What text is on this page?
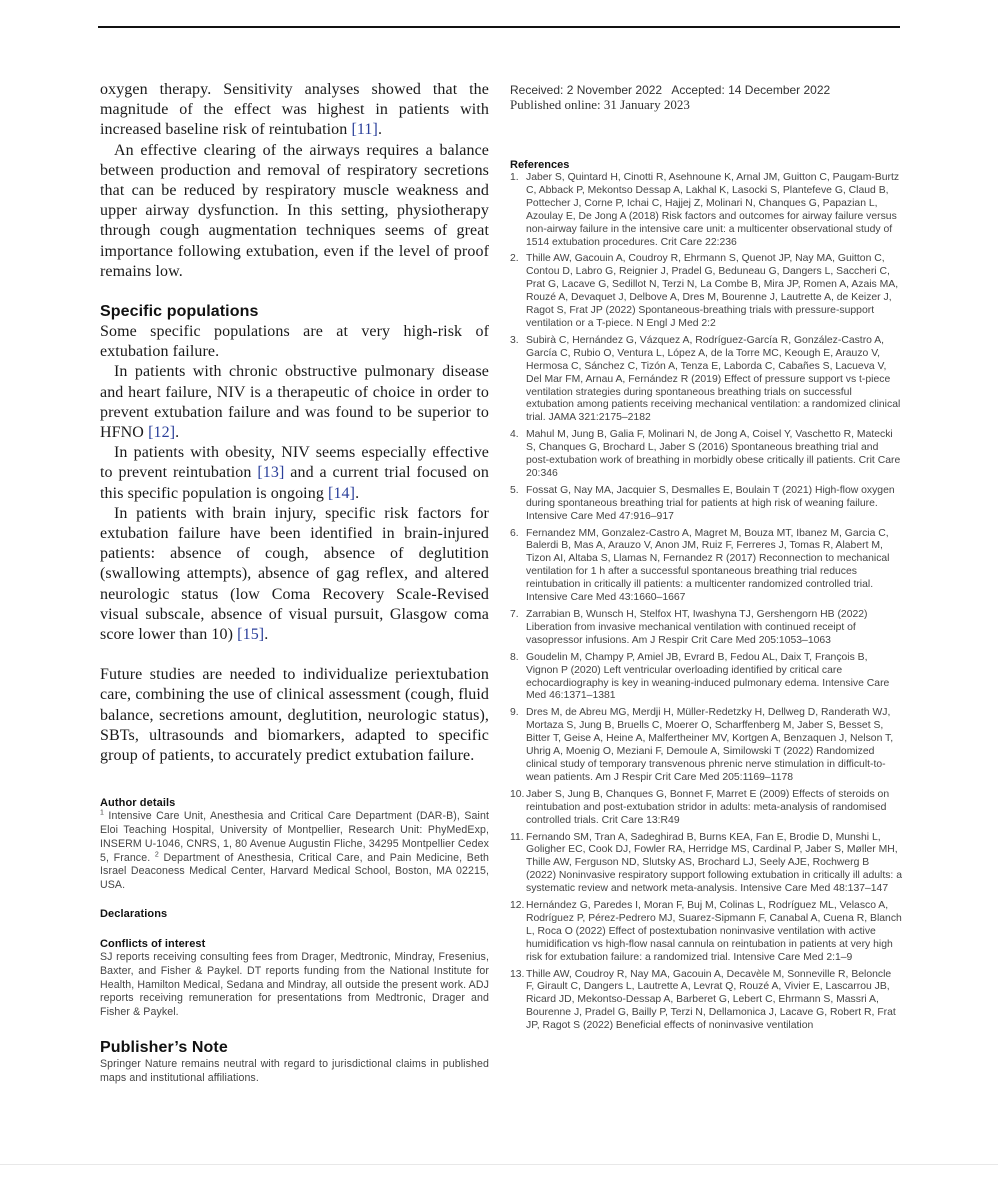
oxygen therapy. Sensitivity analyses showed that the magnitude of the effect was highest in patients with increased baseline risk of reintubation [11].

An effective clearing of the airways requires a balance between production and removal of respiratory secretions that can be reduced by respiratory muscle weakness and upper airway dysfunction. In this setting, physiotherapy through cough augmentation techniques seems of great importance following extubation, even if the level of proof remains low.

Specific populations

Some specific populations are at very high-risk of extubation failure.

In patients with chronic obstructive pulmonary disease and heart failure, NIV is a therapeutic of choice in order to prevent extubation failure and was found to be superior to HFNO [12].

In patients with obesity, NIV seems especially effective to prevent reintubation [13] and a current trial focused on this specific population is ongoing [14].

In patients with brain injury, specific risk factors for extubation failure have been identified in brain-injured patients: absence of cough, absence of deglutition (swallowing attempts), absence of gag reflex, and altered neurologic status (low Coma Recovery Scale-Revised visual subscale, absence of visual pursuit, Glasgow coma score lower than 10) [15].

Future studies are needed to individualize periextubation care, combining the use of clinical assessment (cough, fluid balance, secretions amount, deglutition, neurologic status), SBTs, ultrasounds and biomarkers, adapted to specific group of patients, to accurately predict extubation failure.

Author details

$^1$ Intensive Care Unit, Anesthesia and Critical Care Department (DAR-B), Saint Eloi Teaching Hospital, University of Montpellier, Research Unit: PhyMedExp, INSERM U-1046, CNRS, 1, 80 Avenue Augustin Fliche, 34295 Montpellier Cedex 5, France. $^2$ Department of Anesthesia, Critical Care, and Pain Medicine, Beth Israel Deaconess Medical Center, Harvard Medical School, Boston, MA 02215, USA.

Declarations
Conflicts of interest

SJ reports receiving consulting fees from Drager, Medtronic, Mindray, Fresenius, Baxter, and Fisher & Paykel. DT reports funding from the National Institute for Health, Hamilton Medical, Sedana and Mindray, all outside the present work. ADJ reports receiving remuneration for presentations from Medtronic, Drager and Fisher & Paykel.

Publisher’s Note

Springer Nature remains neutral with regard to jurisdictional claims in published maps and institutional affiliations.

Received: 2 November 2022   Accepted: 14 December 2022

Published online: 31 January 2023

References
1. Jaber S, Quintard H, Cinotti R, Asehnoune K, Arnal JM, Guitton C, Paugam-Burtz C, Abback P, Mekontso Dessap A, Lakhal K, Lasocki S, Plantefeve G, Claud B, Pottecher J, Corne P, Ichai C, Hajjej Z, Molinari N, Chanques G, Papazian L, Azoulay E, De Jong A (2018) Risk factors and outcomes for airway failure versus non-airway failure in the intensive care unit: a multicenter observational study of 1514 extubation procedures. Crit Care 22:236
2. Thille AW, Gacouin A, Coudroy R, Ehrmann S, Quenot JP, Nay MA, Guitton C, Contou D, Labro G, Reignier J, Pradel G, Beduneau G, Dangers L, Saccheri C, Prat G, Lacave G, Sedillot N, Terzi N, La Combe B, Mira JP, Romen A, Azais MA, Rouzé A, Devaquet J, Delbove A, Dres M, Bourenne J, Lautrette A, de Keizer J, Ragot S, Frat JP (2022) Spontaneous-breathing trials with pressure-support ventilation or a T-piece. N Engl J Med 2:2
3. Subirà C, Hernández G, Vázquez A, Rodríguez-García R, González-Castro A, García C, Rubio O, Ventura L, López A, de la Torre MC, Keough E, Arauzo V, Hermosa C, Sánchez C, Tizón A, Tenza E, Laborda C, Cabañes S, Lacueva V, Del Mar FM, Arnau A, Fernández R (2019) Effect of pressure support vs t-piece ventilation strategies during spontaneous breathing trials on successful extubation among patients receiving mechanical ventilation: a randomized clinical trial. JAMA 321:2175–2182
4. Mahul M, Jung B, Galia F, Molinari N, de Jong A, Coisel Y, Vaschetto R, Matecki S, Chanques G, Brochard L, Jaber S (2016) Spontaneous breathing trial and post-extubation work of breathing in morbidly obese critically ill patients. Crit Care 20:346
5. Fossat G, Nay MA, Jacquier S, Desmalles E, Boulain T (2021) High-flow oxygen during spontaneous breathing trial for patients at high risk of weaning failure. Intensive Care Med 47:916–917
6. Fernandez MM, Gonzalez-Castro A, Magret M, Bouza MT, Ibanez M, Garcia C, Balerdi B, Mas A, Arauzo V, Anon JM, Ruiz F, Ferreres J, Tomas R, Alabert M, Tizon AI, Altaba S, Llamas N, Fernandez R (2017) Reconnection to mechanical ventilation for 1 h after a successful spontaneous breathing trial reduces reintubation in critically ill patients: a multicenter randomized controlled trial. Intensive Care Med 43:1660–1667
7. Zarrabian B, Wunsch H, Stelfox HT, Iwashyna TJ, Gershengorn HB (2022) Liberation from invasive mechanical ventilation with continued receipt of vasopressor infusions. Am J Respir Crit Care Med 205:1053–1063
8. Goudelin M, Champy P, Amiel JB, Evrard B, Fedou AL, Daix T, François B, Vignon P (2020) Left ventricular overloading identified by critical care echocardiography is key in weaning-induced pulmonary edema. Intensive Care Med 46:1371–1381
9. Dres M, de Abreu MG, Merdji H, Müller-Redetzky H, Dellweg D, Randerath WJ, Mortaza S, Jung B, Bruells C, Moerer O, Scharffenberg M, Jaber S, Besset S, Bitter T, Geise A, Heine A, Malfertheiner MV, Kortgen A, Benzaquen J, Nelson T, Uhrig A, Moenig O, Meziani F, Demoule A, Similowski T (2022) Randomized clinical study of temporary transvenous phrenic nerve stimulation in difficult-to-wean patients. Am J Respir Crit Care Med 205:1169–1178
10. Jaber S, Jung B, Chanques G, Bonnet F, Marret E (2009) Effects of steroids on reintubation and post-extubation stridor in adults: meta-analysis of randomised controlled trials. Crit Care 13:R49
11. Fernando SM, Tran A, Sadeghirad B, Burns KEA, Fan E, Brodie D, Munshi L, Goligher EC, Cook DJ, Fowler RA, Herridge MS, Cardinal P, Jaber S, Møller MH, Thille AW, Ferguson ND, Slutsky AS, Brochard LJ, Seely AJE, Rochwerg B (2022) Noninvasive respiratory support following extubation in critically ill adults: a systematic review and network meta-analysis. Intensive Care Med 48:137–147
12. Hernández G, Paredes I, Moran F, Buj M, Colinas L, Rodríguez ML, Velasco A, Rodríguez P, Pérez-Pedrero MJ, Suarez-Sipmann F, Canabal A, Cuena R, Blanch L, Roca O (2022) Effect of postextubation noninvasive ventilation with active humidification vs high-flow nasal cannula on reintubation in patients at very high risk for extubation failure: a randomized trial. Intensive Care Med 2:1–9
13. Thille AW, Coudroy R, Nay MA, Gacouin A, Decavèle M, Sonneville R, Beloncle F, Girault C, Dangers L, Lautrette A, Levrat Q, Rouzé A, Vivier E, Lascarrou JB, Ricard JD, Mekontso-Dessap A, Barberet G, Lebert C, Ehrmann S, Massri A, Bourenne J, Pradel G, Bailly P, Terzi N, Dellamonica J, Lacave G, Robert R, Frat JP, Ragot S (2022) Beneficial effects of noninvasive ventilation
